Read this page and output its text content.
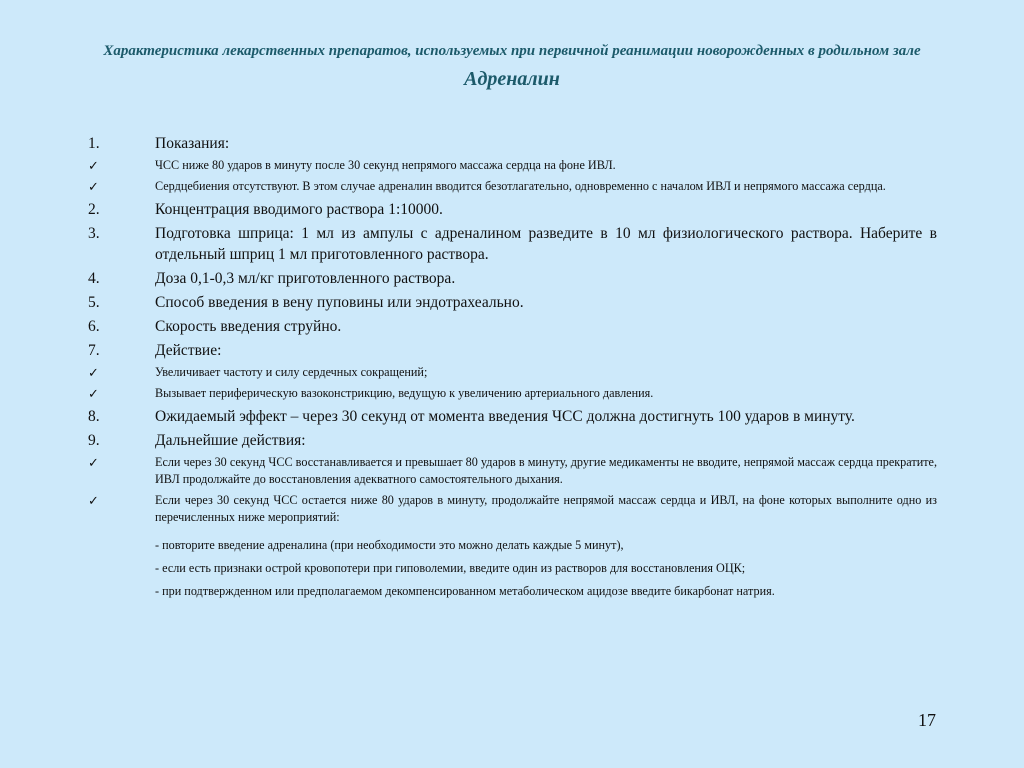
Характеристика лекарственных препаратов, используемых при первичной реанимации новорожденных в родильном зале

Адреналин

1.	Показания:
✓	ЧСС ниже 80 ударов в минуту после 30 секунд непрямого массажа сердца на фоне ИВЛ.
✓	Сердцебиения отсутствуют. В этом случае адреналин вводится безотлагательно, одновременно с началом ИВЛ и непрямого массажа сердца.
2.	Концентрация вводимого раствора 1:10000.
3.	Подготовка шприца: 1 мл из ампулы с адреналином разведите в 10 мл физиологического раствора. Наберите в отдельный шприц 1 мл приготовленного раствора.
4.	Доза 0,1-0,3 мл/кг приготовленного раствора.
5.	Способ введения в вену пуповины или эндотрахеально.
6.	Скорость введения струйно.
7.	Действие:
✓	Увеличивает частоту и силу сердечных сокращений;
✓	Вызывает периферическую вазоконстрикцию, ведущую к увеличению артериального давления.
8.	Ожидаемый эффект – через 30 секунд от момента введения ЧСС должна достигнуть 100 ударов в минуту.
9.	Дальнейшие действия:
✓	Если через 30 секунд ЧСС восстанавливается и превышает 80 ударов в минуту, другие медикаменты не вводите, непрямой массаж сердца прекратите, ИВЛ продолжайте до восстановления адекватного самостоятельного дыхания.
✓	Если через 30 секунд ЧСС остается ниже 80 ударов в минуту, продолжайте непрямой массаж сердца и ИВЛ, на фоне которых выполните одно из перечисленных ниже мероприятий:
- повторите введение адреналина (при необходимости это можно делать каждые 5 минут),
- если есть признаки острой кровопотери при гиповолемии, введите один из растворов для восстановления ОЦК;
- при подтвержденном или предполагаемом декомпенсированном метаболическом ацидозе введите бикарбонат натрия.
17
